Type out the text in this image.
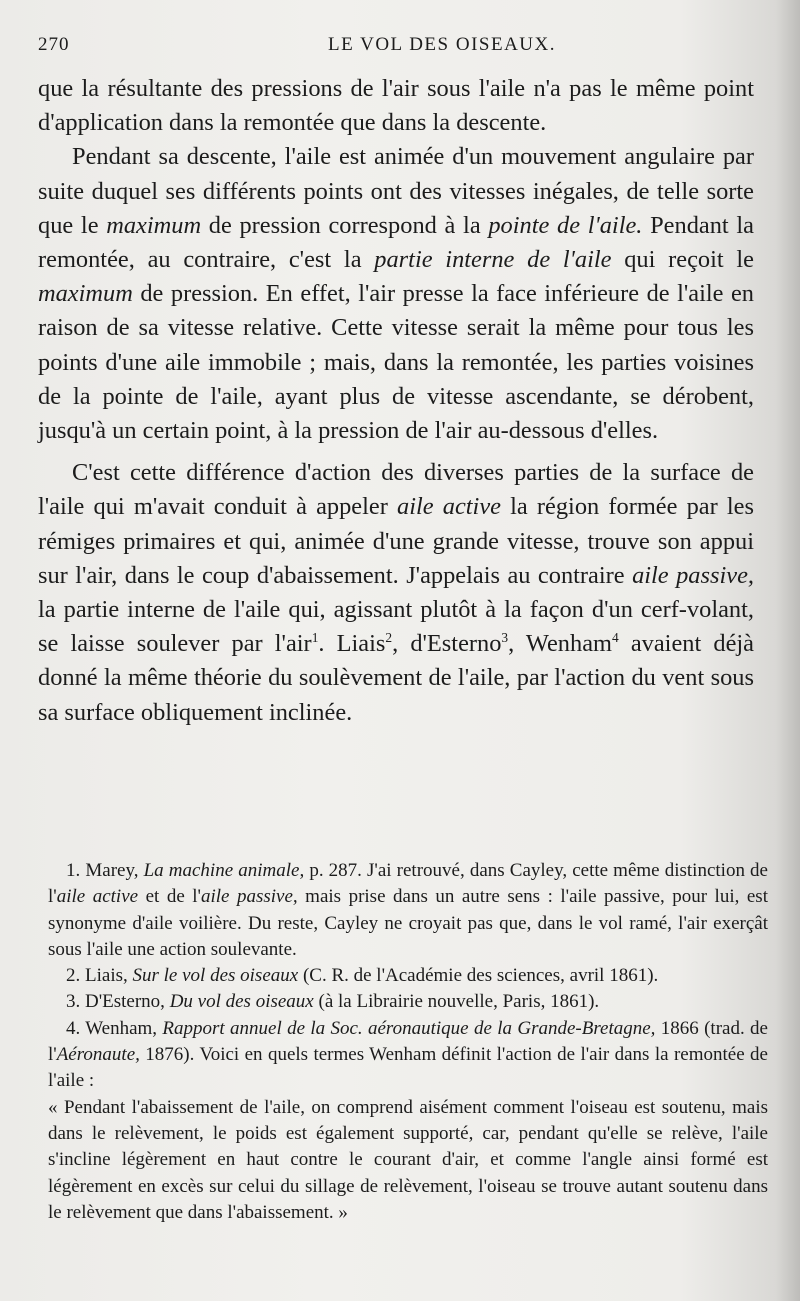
270	LE VOL DES OISEAUX.

que la résultante des pressions de l'air sous l'aile n'a pas le même point d'application dans la remontée que dans la descente.

Pendant sa descente, l'aile est animée d'un mouvement angulaire par suite duquel ses différents points ont des vitesses inégales, de telle sorte que le maximum de pression correspond à la pointe de l'aile. Pendant la remontée, au contraire, c'est la partie interne de l'aile qui reçoit le maximum de pression. En effet, l'air presse la face inférieure de l'aile en raison de sa vitesse relative. Cette vitesse serait la même pour tous les points d'une aile immobile ; mais, dans la remontée, les parties voisines de la pointe de l'aile, ayant plus de vitesse ascendante, se dérobent, jusqu'à un certain point, à la pression de l'air au-dessous d'elles.

C'est cette différence d'action des diverses parties de la surface de l'aile qui m'avait conduit à appeler aile active la région formée par les rémiges primaires et qui, animée d'une grande vitesse, trouve son appui sur l'air, dans le coup d'abaissement. J'appelais au contraire aile passive, la partie interne de l'aile qui, agissant plutôt à la façon d'un cerf-volant, se laisse soulever par l'air$^1$. Liais$^2$, d'Esterno$^3$, Wenham$^4$ avaient déjà donné la même théorie du soulèvement de l'aile, par l'action du vent sous sa surface obliquement inclinée.

1. Marey, La machine animale, p. 287. J'ai retrouvé, dans Cayley, cette même distinction de l'aile active et de l'aile passive, mais prise dans un autre sens : l'aile passive, pour lui, est synonyme d'aile voilière. Du reste, Cayley ne croyait pas que, dans le vol ramé, l'air exerçât sous l'aile une action soulevante.

2. Liais, Sur le vol des oiseaux (C. R. de l'Académie des sciences, avril 1861).

3. D'Esterno, Du vol des oiseaux (à la Librairie nouvelle, Paris, 1861).

4. Wenham, Rapport annuel de la Soc. aéronautique de la Grande-Bretagne, 1866 (trad. de l'Aéronaute, 1876). Voici en quels termes Wenham définit l'action de l'air dans la remontée de l'aile :

« Pendant l'abaissement de l'aile, on comprend aisément comment l'oiseau est soutenu, mais dans le relèvement, le poids est également supporté, car, pendant qu'elle se relève, l'aile s'incline légèrement en haut contre le courant d'air, et comme l'angle ainsi formé est légèrement en excès sur celui du sillage de relèvement, l'oiseau se trouve autant soutenu dans le relèvement que dans l'abaissement. »
